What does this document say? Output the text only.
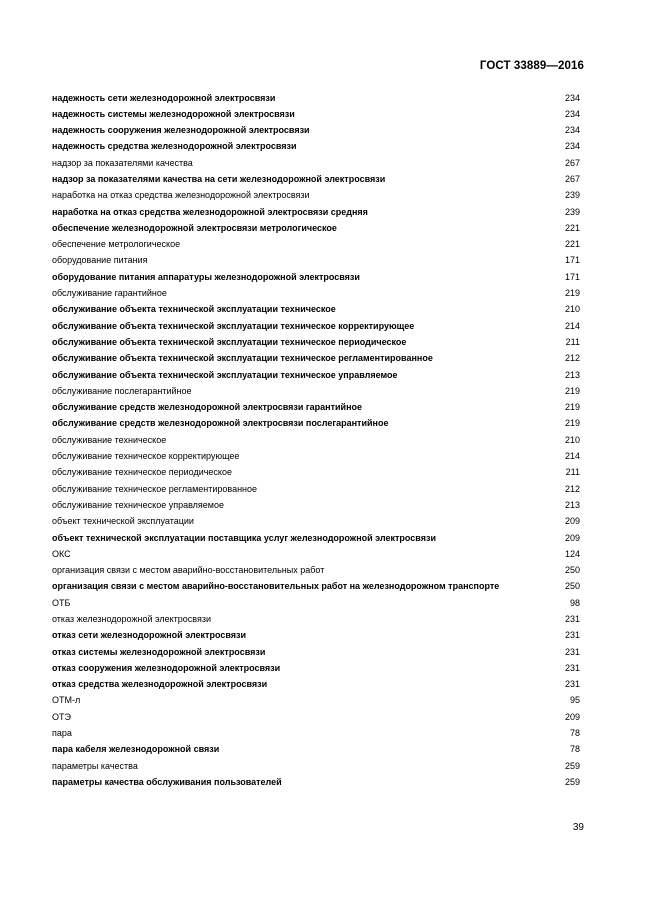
ГОСТ 33889—2016
надежность сети железнодорожной электросвязи	234
надежность системы железнодорожной электросвязи	234
надежность сооружения железнодорожной электросвязи	234
надежность средства железнодорожной электросвязи	234
надзор за показателями качества	267
надзор за показателями качества на сети железнодорожной электросвязи	267
наработка на отказ средства железнодорожной электросвязи	239
наработка на отказ средства железнодорожной электросвязи средняя	239
обеспечение железнодорожной электросвязи метрологическое	221
обеспечение метрологическое	221
оборудование питания	171
оборудование питания аппаратуры железнодорожной электросвязи	171
обслуживание гарантийное	219
обслуживание объекта технической эксплуатации техническое	210
обслуживание объекта технической эксплуатации техническое корректирующее	214
обслуживание объекта технической эксплуатации техническое периодическое	211
обслуживание объекта технической эксплуатации техническое регламентированное	212
обслуживание объекта технической эксплуатации техническое управляемое	213
обслуживание послегарантийное	219
обслуживание средств железнодорожной электросвязи гарантийное	219
обслуживание средств железнодорожной электросвязи послегарантийное	219
обслуживание техническое	210
обслуживание техническое корректирующее	214
обслуживание техническое периодическое	211
обслуживание техническое регламентированное	212
обслуживание техническое управляемое	213
объект технической эксплуатации	209
объект технической эксплуатации поставщика услуг железнодорожной электросвязи	209
ОКС	124
организация связи с местом аварийно-восстановительных работ	250
организация связи с местом аварийно-восстановительных работ на железнодорожном транспорте	250
ОТБ	98
отказ железнодорожной электросвязи	231
отказ сети железнодорожной электросвязи	231
отказ системы железнодорожной электросвязи	231
отказ сооружения железнодорожной электросвязи	231
отказ средства железнодорожной электросвязи	231
ОТМ-л	95
ОТЭ	209
пара	78
пара кабеля железнодорожной связи	78
параметры качества	259
параметры качества обслуживания пользователей	259
39
